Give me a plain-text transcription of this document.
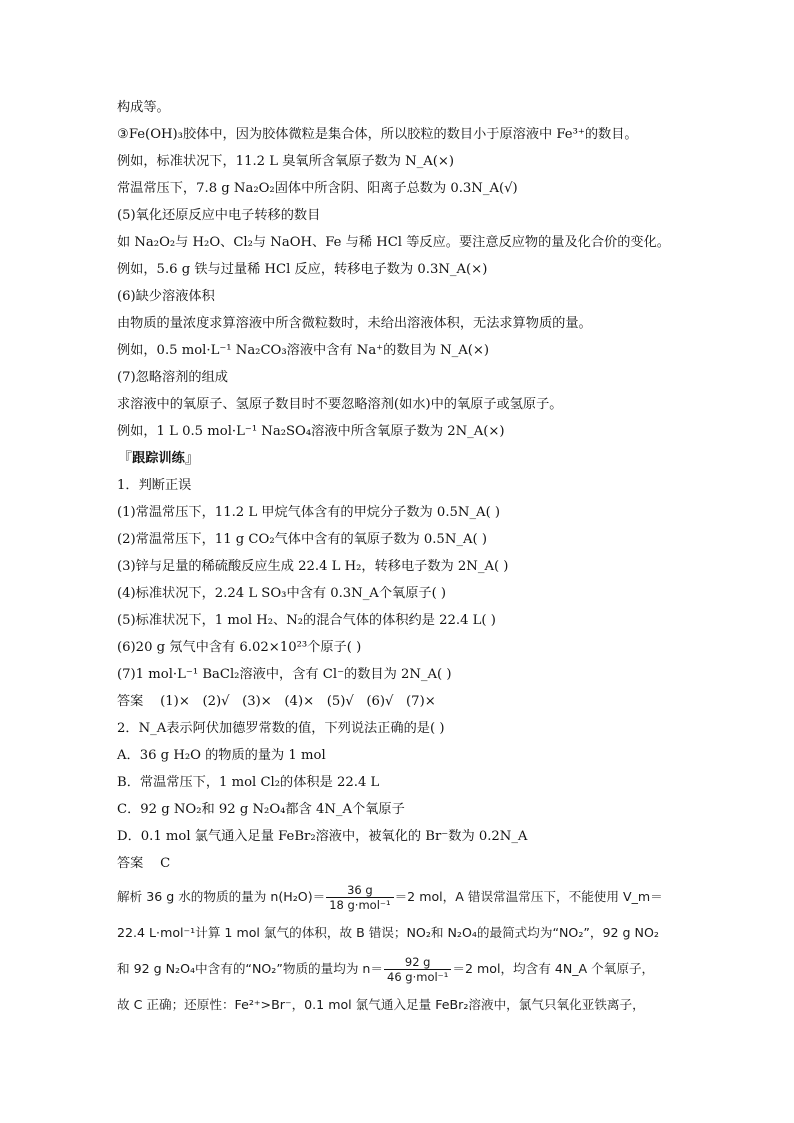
构成等。
③Fe(OH)₃胶体中，因为胶体微粒是集合体，所以胶粒的数目小于原溶液中 Fe³⁺的数目。
例如，标准状况下，11.2 L 臭氧所含氧原子数为 N_A(×)
常温常压下，7.8 g Na₂O₂固体中所含阴、阳离子总数为 0.3N_A(√)
(5)氧化还原反应中电子转移的数目
如 Na₂O₂与 H₂O、Cl₂与 NaOH、Fe 与稀 HCl 等反应。要注意反应物的量及化合价的变化。
例如，5.6 g 铁与过量稀 HCl 反应，转移电子数为 0.3N_A(×)
(6)缺少溶液体积
由物质的量浓度求算溶液中所含微粒数时，未给出溶液体积，无法求算物质的量。
例如，0.5 mol·L⁻¹ Na₂CO₃溶液中含有 Na⁺的数目为 N_A(×)
(7)忽略溶剂的组成
求溶液中的氧原子、氢原子数目时不要忽略溶剂(如水)中的氧原子或氢原子。
例如，1 L 0.5 mol·L⁻¹ Na₂SO₄溶液中所含氧原子数为 2N_A(×)
『 跟踪训练 』
1．判断正误
(1)常温常压下，11.2 L 甲烷气体含有的甲烷分子数为 0.5N_A( )
(2)常温常压下，11 g CO₂气体中含有的氧原子数为 0.5N_A( )
(3)锌与足量的稀硫酸反应生成 22.4 L H₂，转移电子数为 2N_A( )
(4)标准状况下，2.24 L SO₃中含有 0.3N_A个氧原子( )
(5)标准状况下，1 mol H₂、N₂的混合气体的体积约是 22.4 L( )
(6)20 g 氖气中含有 6.02×10²³个原子( )
(7)1 mol·L⁻¹ BaCl₂溶液中，含有 Cl⁻的数目为 2N_A( )
答案    (1)×   (2)√   (3)×   (4)×   (5)√   (6)√   (7)×
2．N_A表示阿伏加德罗常数的值，下列说法正确的是( )
A．36 g H₂O 的物质的量为 1 mol
B．常温常压下，1 mol Cl₂的体积是 22.4 L
C．92 g NO₂和 92 g N₂O₄都含 4N_A个氧原子
D．0.1 mol 氯气通入足量 FeBr₂溶液中，被氧化的 Br⁻数为 0.2N_A
答案    C
解析 36 g 水的物质的量为 $n(H_2O)= \frac{36 g}{\text{18 g·mol⁻¹}} =2$ mol，A 错误常温常压下，不能使用 V_m＝
22.4 L·mol⁻¹计算 1 mol 氯气的体积，故 B 错误；NO₂和 N₂O₄的最简式均为“NO₂”，92 g NO₂
和 92 g N₂O₄中含有的“NO₂”物质的量均为 $n= \frac{92 g}{\text{46 g·mol⁻¹}} =2$ mol，均含有 4N_A 个氧原子，
故 C 正确；还原性：Fe²⁺>Br⁻，0.1 mol 氯气通入足量 FeBr₂溶液中，氯气只氧化亚铁离子，
